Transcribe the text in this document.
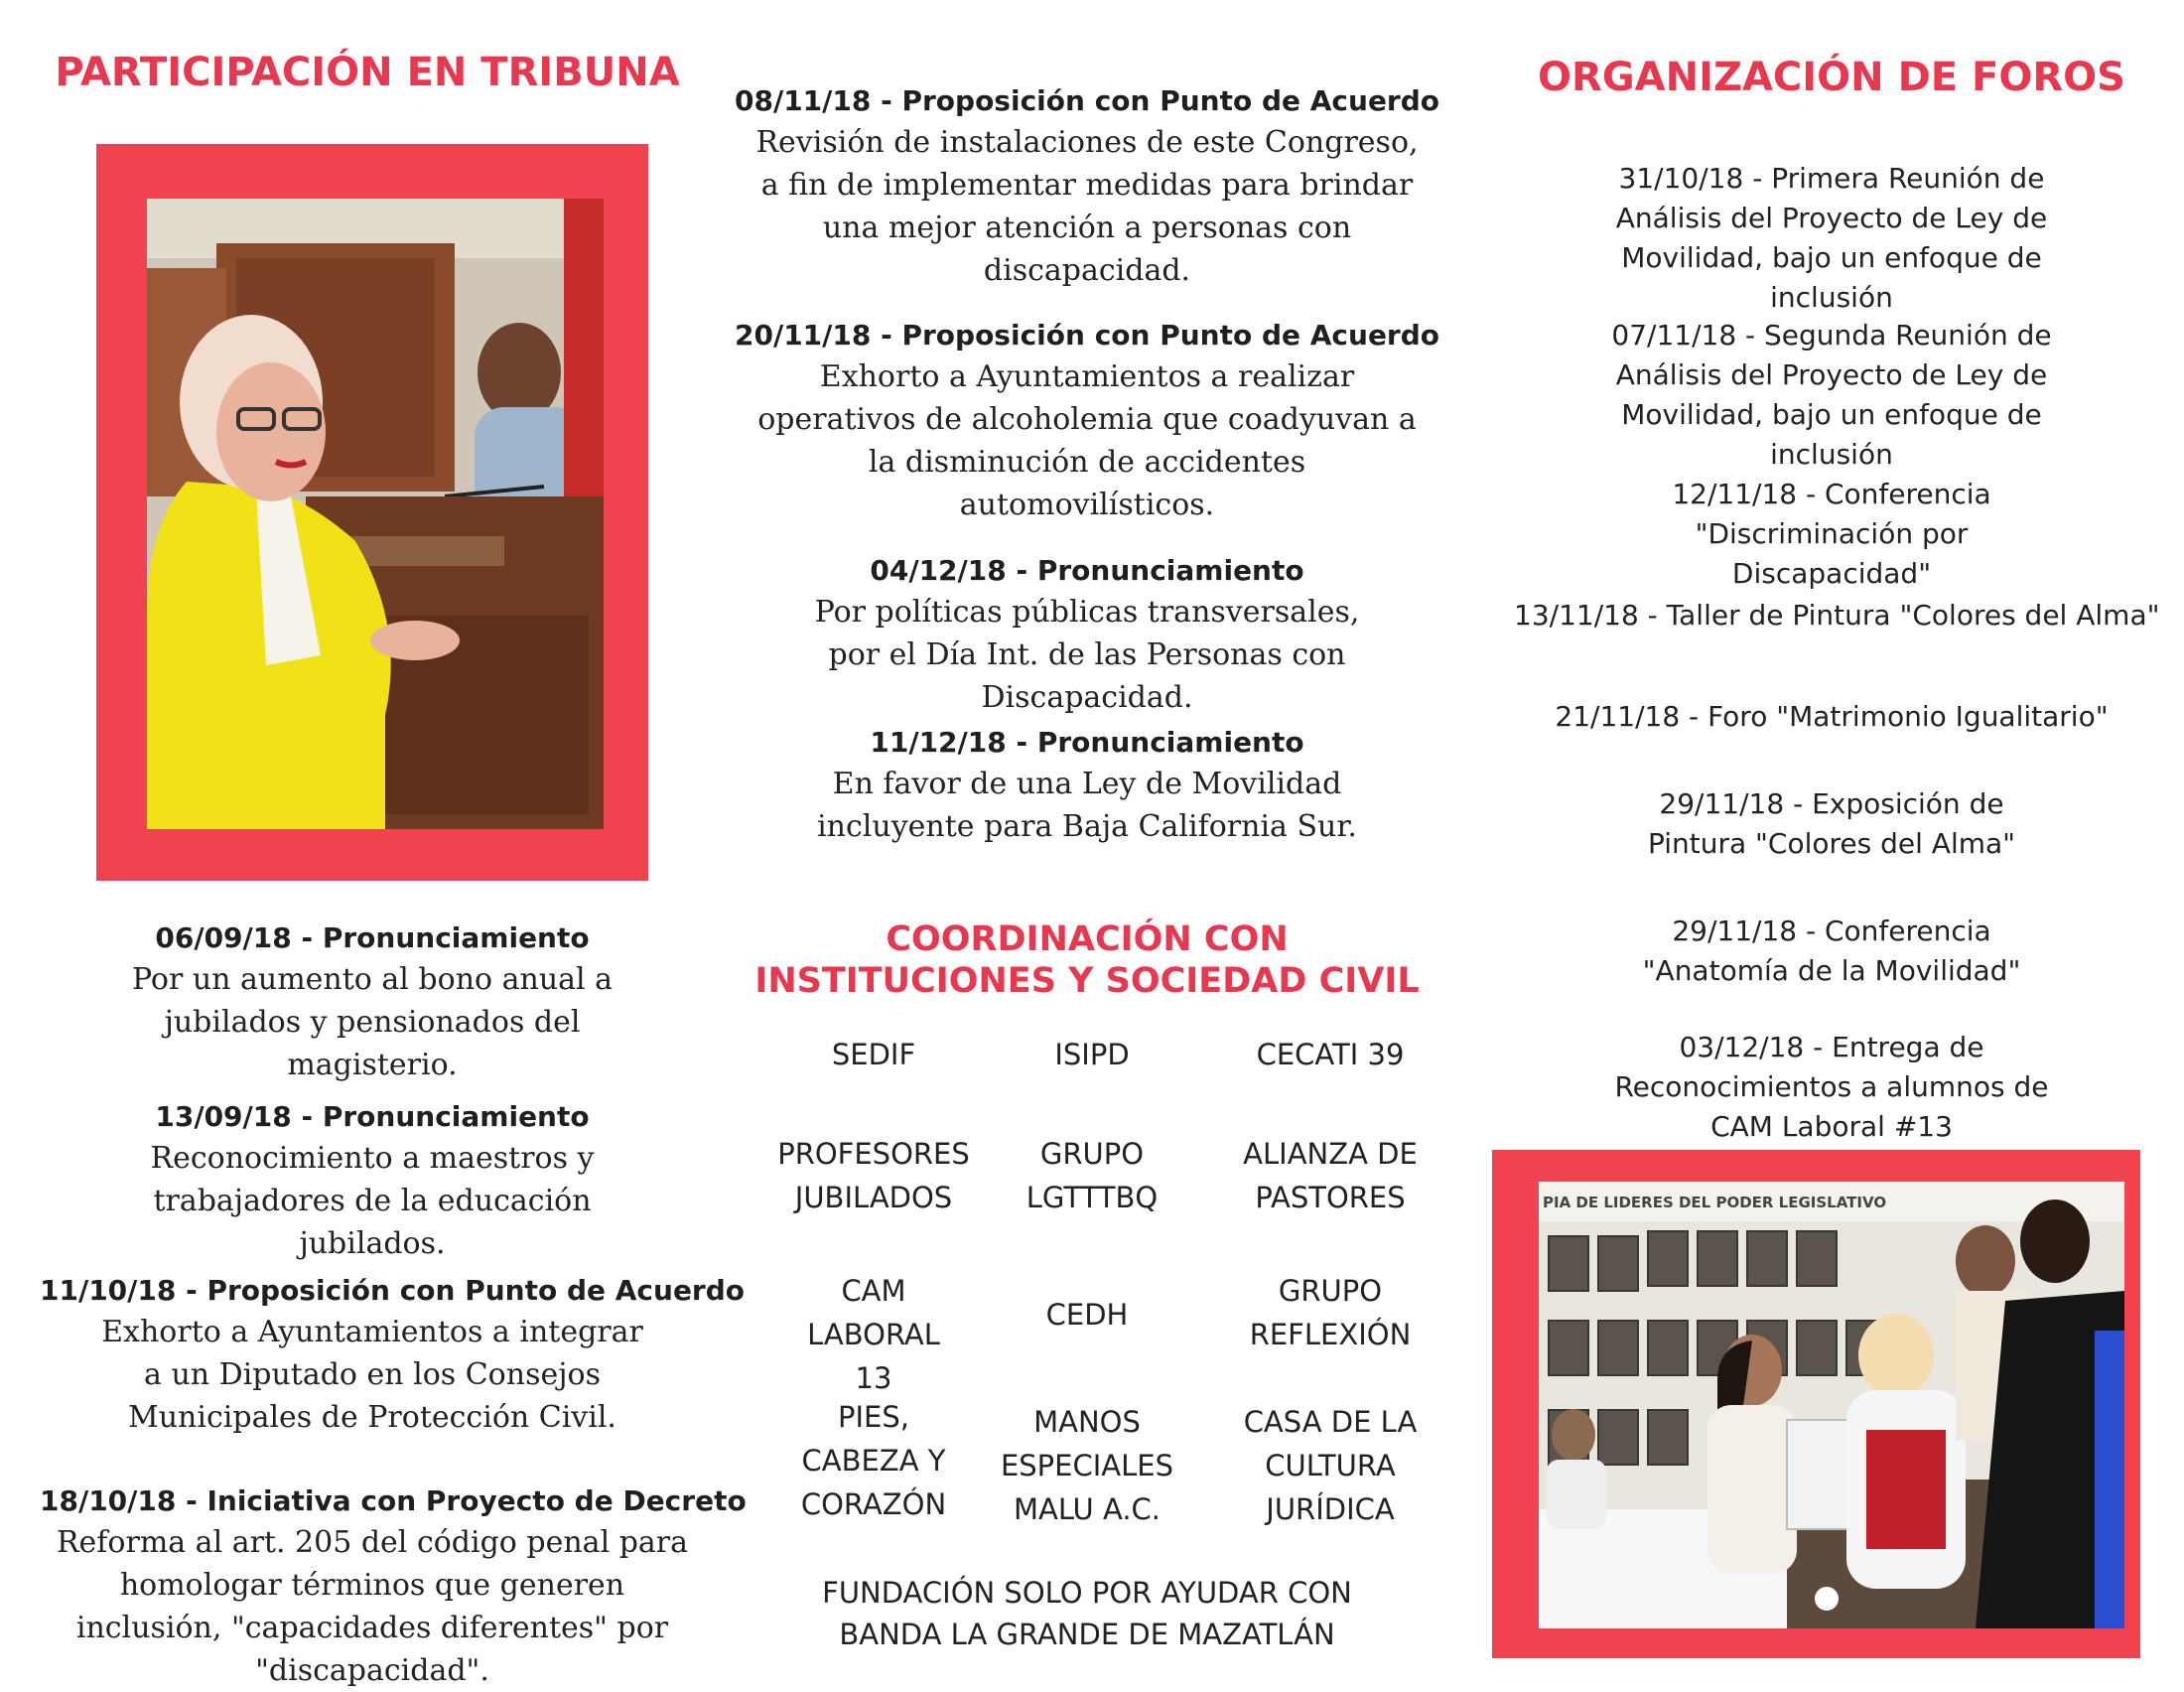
PARTICIPACIÓN EN TRIBUNA
06/09/18 - Pronunciamiento
Por un aumento al bono anual a jubilados y pensionados del magisterio.
13/09/18 - Pronunciamiento
Reconocimiento a maestros y trabajadores de la educación jubilados.
11/10/18 - Proposición con Punto de Acuerdo
Exhorto a Ayuntamientos a integrar a un Diputado en los Consejos Municipales de Protección Civil.
18/10/18 - Iniciativa con Proyecto de Decreto
Reforma al art. 205 del código penal para homologar términos que generen inclusión, "capacidades diferentes" por "discapacidad".
08/11/18 - Proposición con Punto de Acuerdo
Revisión de instalaciones de este Congreso, a fin de implementar medidas para brindar una mejor atención a personas con discapacidad.
20/11/18 - Proposición con Punto de Acuerdo
Exhorto a Ayuntamientos a realizar operativos de alcoholemia que coadyuvan a la disminución de accidentes automovilísticos.
04/12/18 - Pronunciamiento
Por políticas públicas transversales, por el Día Int. de las Personas con Discapacidad.
11/12/18 - Pronunciamiento
En favor de una Ley de Movilidad incluyente para Baja California Sur.
COORDINACIÓN CON
INSTITUCIONES Y SOCIEDAD CIVIL
SEDIF	ISIPD	CECATI 39
PROFESORES JUBILADOS
GRUPO LGTTTBQ
ALIANZA DE PASTORES
CAM LABORAL 13
CEDH
GRUPO REFLEXIÓN
PIES, CABEZA Y CORAZÓN
MANOS ESPECIALES MALU A.C.
CASA DE LA CULTURA JURÍDICA
FUNDACIÓN SOLO POR AYUDAR CON
BANDA LA GRANDE DE MAZATLÁN
ORGANIZACIÓN DE FOROS
31/10/18 - Primera Reunión de Análisis del Proyecto de Ley de Movilidad, bajo un enfoque de inclusión
07/11/18 - Segunda Reunión de Análisis del Proyecto de Ley de Movilidad, bajo un enfoque de inclusión
12/11/18 - Conferencia "Discriminación por Discapacidad"
13/11/18 - Taller de Pintura "Colores del Alma"
21/11/18 - Foro "Matrimonio Igualitario"
29/11/18 - Exposición de Pintura "Colores del Alma"
29/11/18 - Conferencia "Anatomía de la Movilidad"
03/12/18 - Entrega de Reconocimientos a alumnos de CAM Laboral #13
PIA DE LIDERES DEL PODER LEGISLATIVO
